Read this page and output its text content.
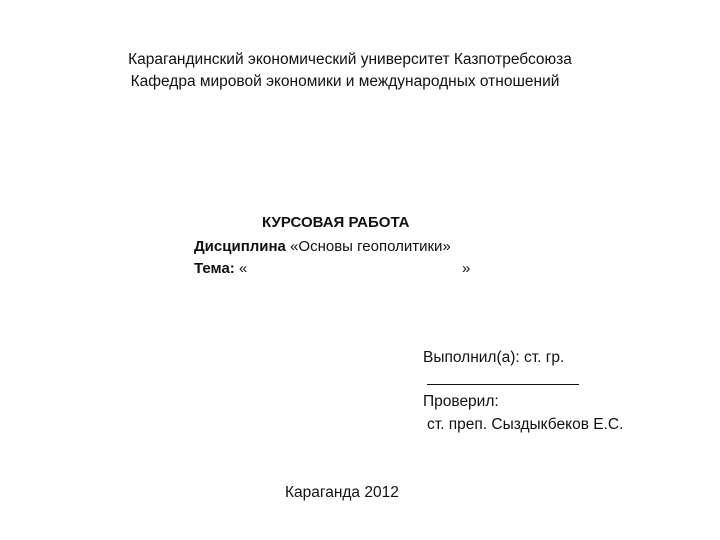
Карагандинский экономический университет Казпотребсоюза
Кафедра мировой экономики и международных отношений
КУРСОВАЯ РАБОТА
Дисциплина «Основы геополитики»
Тема: «	»
Выполнил(а): ст. гр.
Проверил:
ст. преп. Сыздыкбеков Е.С.
Караганда 2012
